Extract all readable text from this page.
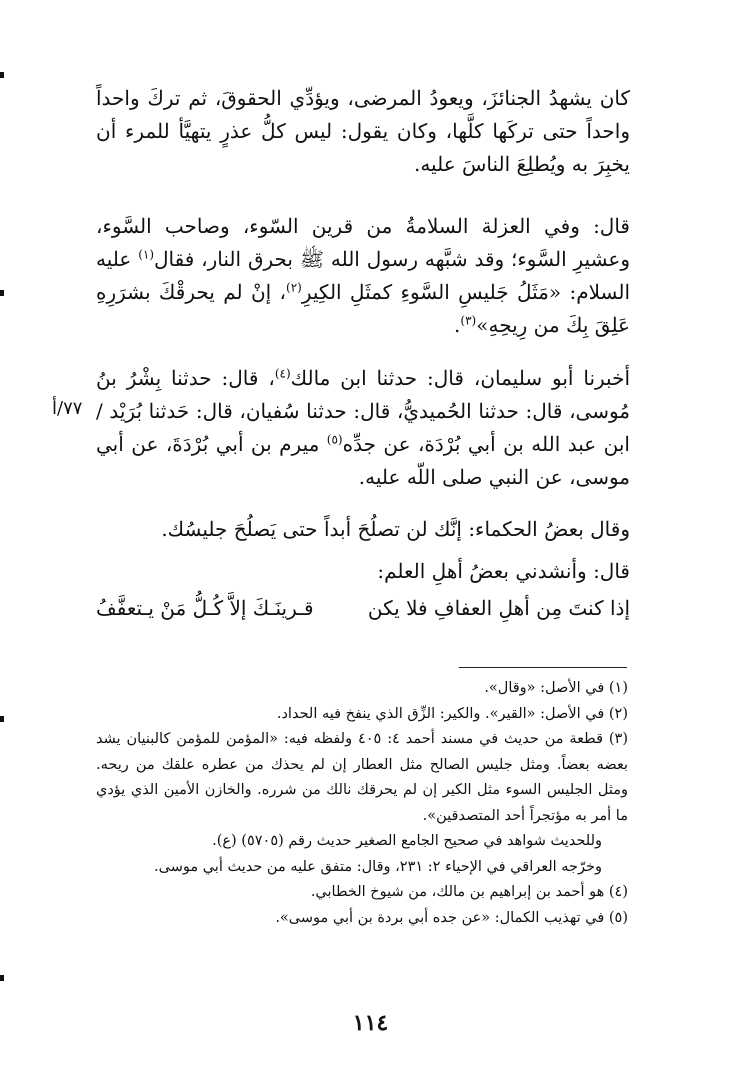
كان يشهدُ الجنائزَ، ويعودُ المرضى، ويؤدِّي الحقوقَ، ثم تركَ واحداً واحداً حتى تركَها كلَّها، وكان يقول: ليس كلُّ عذرٍ يتهيَّأ للمرء أن يخبِرَ به ويُطلِعَ الناسَ عليه.

قال: وفي العزلة السلامةُ من قرين السّوء، وصاحب السَّوء، وعشيرِ السَّوء؛ وقد شبَّهه رسول الله ﷺ بحرق النار، فقال$^{(١)}$ عليه السلام: «مَثَلُ جَليسِ السَّوءِ كمثَلِ الكِيرِ$^{(٢)}$، إنْ لم يحرقْكَ بشرَرِهِ عَلِقَ بِكَ من رِيحِهِ»$^{(٣)}$.

أخبرنا أبو سليمان، قال: حدثنا ابن مالك$^{(٤)}$، قال: حدثنا بِشْرُ بنُ مُوسى، قال: حدثنا الحُميديُّ، قال: حدثنا سُفيان، قال: حَدثنا بُرَيْد / ابن عبد الله بن أبي بُرْدَة، عن جدِّه$^{(٥)}$ ميرم بن أبي بُرْدَةَ، عن أبي موسى، عن النبي صلى اللّه عليه.

٧٧/أ

وقال بعضُ الحكماء: إنَّك لن تصلُحَ أبداً حتى يَصلُحَ جليسُك.

قال: وأنشدني بعضُ أهلِ العلم:

إذا كنتَ مِن أهلِ العفافِ فلا يكن
قـرينَـكَ إلاَّ كُـلُّ مَنْ يـتعفَّفُ

(١) في الأصل: «وقال».

(٢) في الأصل: «القير». والكير: الزِّق الذي ينفخ فيه الحداد.

(٣) قطعة من حديث في مسند أحمد ٤: ٤٠٥ ولفظه فيه: «المؤمن للمؤمن كالبنيان يشد بعضه بعضاً. ومثل جليس الصالح مثل العطار إن لم يحذك من عطره علقك من ريحه. ومثل الجليس السوء مثل الكير إن لم يحرقك نالك من شرره. والخازن الأمين الذي يؤدي ما أمر به مؤتجراً أحد المتصدقين».

وللحديث شواهد في صحيح الجامع الصغير حديث رقم (٥٧٠٥) (ع).

وخرّجه العراقي في الإحياء ٢: ٢٣١، وقال: متفق عليه من حديث أبي موسى.

(٤) هو أحمد بن إبراهيم بن مالك، من شيوخ الخطابي.

(٥) في تهذيب الكمال: «عن جده أبي بردة بن أبي موسى».

١١٤
